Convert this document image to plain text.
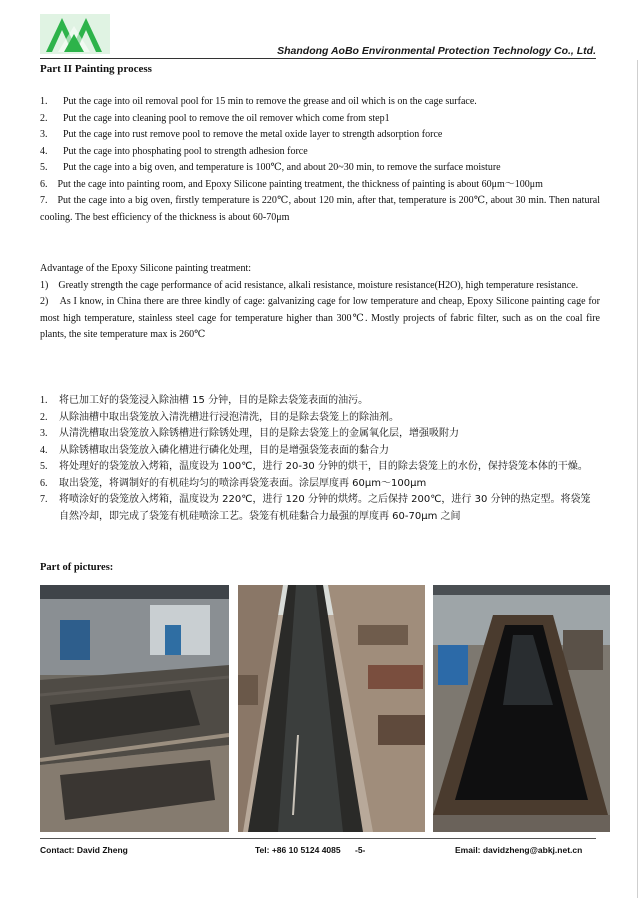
Shandong AoBo Environmental Protection Technology Co., Ltd.
Part II Painting process
1. Put the cage into oil removal pool for 15 min to remove the grease and oil which is on the cage surface.
2. Put the cage into cleaning pool to remove the oil remover which come from step1
3. Put the cage into rust remove pool to remove the metal oxide layer to strength adsorption force
4. Put the cage into phosphating pool to strength adhesion force
5. Put the cage into a big oven, and temperature is 100℃, and about 20~30 min, to remove the surface moisture
6. Put the cage into painting room, and Epoxy Silicone painting treatment, the thickness of painting is about 60μm～100μm
7. Put the cage into a big oven, firstly temperature is 220℃, about 120 min, after that, temperature is 200℃, about 30 min. Then natural cooling. The best efficiency of the thickness is about 60-70μm

Advantage of the Epoxy Silicone painting treatment:

1) Greatly strength the cage performance of acid resistance, alkali resistance, moisture resistance(H2O), high temperature resistance.

2) As I know, in China there are three kindly of cage: galvanizing cage for low temperature and cheap, Epoxy Silicone painting cage for most high temperature, stainless steel cage for temperature higher than 300℃. Mostly projects of fabric filter, such as on the coal fire plants, the site temperature max is 260℃

1. 将已加工好的袋笼浸入除油槽 15 分钟，目的是除去袋笼表面的油污。
2. 从除油槽中取出袋笼放入清洗槽进行浸泡清洗，目的是除去袋笼上的除油剂。
3. 从清洗槽取出袋笼放入除锈槽进行除锈处理，目的是除去袋笼上的金属氧化层，增强吸附力
4. 从除锈槽取出袋笼放入磷化槽进行磷化处理，目的是增强袋笼表面的黏合力
5. 将处理好的袋笼放入烤箱，温度设为 100℃，进行 20-30 分钟的烘干，目的除去袋笼上的水份，保持袋笼本体的干燥。
6. 取出袋笼，将调制好的有机硅均匀的喷涂再袋笼表面。涂层厚度再 60μm～100μm
7. 将喷涂好的袋笼放入烤箱，温度设为 220℃，进行 120 分钟的烘烤。之后保持 200℃，进行 30 分钟的热定型。将袋笼自然冷却，即完成了袋笼有机硅喷涂工艺。袋笼有机硅黏合力最强的厚度再 60-70μm 之间
Part of pictures:
Contact: David Zheng	Tel: +86 10 5124 4085 -5-	Email: davidzheng@abkj.net.cn
